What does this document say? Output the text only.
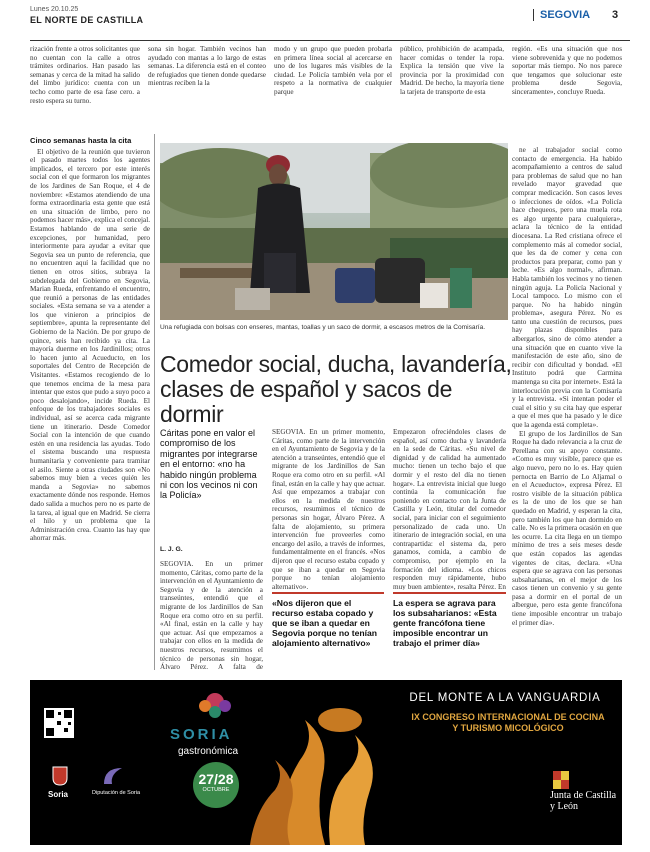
Lunes 20.10.25
EL NORTE DE CASTILLA	SEGOVIA 3
rización frente a otros solicitantes que no cuentan con la calle a otros trámites ordinarios. Han pasado las semanas y cerca de la mitad ha salido del limbo jurídico: cuenta con un techo como parte de esa fase cero. a resto espera su turno.
sona sin hogar. También vecinos han ayudado con mantas a lo largo de estas semanas. La diferencia está en el conteo de refugiados que tienen donde quedarse mientras reciben la la
modo y un grupo que pueden probarla en primera línea social al acercarse en uno de los lugares más visibles de la ciudad. Le Policía también vela por el respeto a la normativa de cualquier parque
público, prohibición de acampada, hacer comidas o tender la ropa. Explica la tensión que vive la provincia por la proximidad con Madrid. De hecho, la mayoría tiene la tarjeta de transporte de esta
región. «Es una situación que nos viene sobrevenida y que no podemos soportar más tiempo. No nos parece que tengamos que solucionar este problema desde Segovia, sinceramente», concluye Rueda.
Cinco semanas hasta la cita

El objetivo de la reunión que tuvieron el pasado martes todos los agentes implicados, el tercero por este interés social con el que formaron los migrantes de los Jardines de San Roque, el 4 de noviembre: «Estamos atendiendo de una forma extraordinaria esta gente que está en una situación de limbo, pero no podemos hacer más», explica el concejal. Estamos hablando de una serie de excepciones, por humanidad, pero interiormente para ayudar a evitar que Segovia sea un punto de referencia, que no encuentren aquí la facilidad que no tienen en otros sitios, subraya la subdelegada del Gobierno en Segovia, Marian Rueda, enfrentando el encuentro, que reunió a personas de las entidades sociales. «Esta semana se va a atender a los que vinieron a principios de septiembre», apunta la representante del Gobierno de la Nación. De por grupo de quince, seis han recibido ya cita. La mayoría duerme en los Jardinillos; otros lo hacen junto al Acueducto, en los soportales del Centro de Recepción de Visitantes. «Estamos recogiendo de lo que tenemos encima de la mesa para intentar que estos que pudo a suyo poco a poco desalojando», incide Rueda. El enfoque de los trabajadores sociales es individual, así se acerca cada migrante tiene un itinerario. Desde Comedor Social con la intención de que cuando estén en una residencia las ayudas. Todo el sistema buscando una respuesta humanitaria y conveniente para tramitar el asilo. Siente a otras ciudades son «No sabemos muy bien a veces quién les manda a Segovia» no sabemos exactamente dónde nos responde. Hemos dado salida a muchos pero no es parte de la tarea, al igual que en Madrid. Se cierra el hilo y un problema que la Administración crea. Cuanto las hay que ahorrar más.

Una refugiada con bolsas con enseres, mantas, toallas y un saco de dormir, a escasos metros de la Comisaría.
Comedor social, ducha, lavandería, clases de español y sacos de dormir
Cáritas pone en valor el compromiso de los migrantes por integrarse en el entorno: «no ha habido ningún problema ni con los vecinos ni con la Policía»
L. J. G.
SEGOVIA. En un primer momento, Cáritas, como parte de la intervención en el Ayuntamiento de Segovia y de la atención a transeúntes, entendió que el migrante de los Jardinillos de San Roque era como otro en su perfil. «Al final, están en la calle y hay que actuar. Así que empezamos a trabajar con ellos en la medida de nuestros recursos, resumimos el técnico de personas sin hogar, Álvaro Pérez. A falta de
SEGOVIA. En un primer momento, Cáritas, como parte de la intervención en el Ayuntamiento de Segovia y de la atención a transeúntes, entendió que el migrante de los Jardinillos de San Roque era como otro en su perfil. «Al final, están en la calle y hay que actuar. Así que empezamos a trabajar con ellos en la medida de nuestros recursos, resumimos el técnico de personas sin hogar, Álvaro Pérez. A falta de alojamiento, su primera intervención fue proveerles como encargo del asilo, a través de informes, fundamentalmente en el francés. «Nos dijeron que el recurso estaba copado y que se iban a quedar en Segovia porque no tenían alojamiento alternativo».
Empezaron ofreciéndoles clases de español, así como ducha y lavandería en la sede de Cáritas. «Su nivel de dignidad y de calidad ha aumentado mucho: tienen un techo bajo el que dormir y el resto del día no tienen hogar». La entrevista inicial que luego continúa la comunicación fue poniendo en contacto con la Junta de Castilla y León, titular del comedor social, para iniciar con el seguimiento personalizado de cada uno. Un itinerario de integración social, en una contrapartida: el sistema da, pero ganamos, comida, a cambio de compromiso, por ejemplo en la formación del idioma. «Los chicos responden muy rápidamente, hubo muy buen ambiente», resalta Pérez. En
«Nos dijeron que el recurso estaba copado y que se iban a quedar en Segovia porque no tenían alojamiento alternativo»
La espera se agrava para los subsaharianos: «Esta gente francófona tiene imposible encontrar un trabajo el primer día»

ne al trabajador social como contacto de emergencia. Ha habido acompañamiento a centros de salud para problemas de salud que no han revelado mayor gravedad que comprar medicación. Son casos leves o infecciones de oídos. «La Policía hace chequeos, pero una muela rota es algo urgente para cualquiera», aclara la técnico de la entidad diocesana. La Red cristiana ofrece el complemento más al comedor social, que les da de comer y cena con productos para preparar, como pan y leche. «Es algo normal», afirman. Habla también los vecinos y no tienen ningún aguja. La Policía Nacional y Local tampoco. Lo mismo con el parque. No ha habido ningún problema», asegura Pérez. No es tanto una cuestión de recursos, pues hay plazas disponibles para albergarlos, sino de cómo atender a una situación que en cuanto vive la manifestación de este año, sino de recibir con dificultad y bondad. «El Instituto podrá que Carmina mantenga su cita por internet». Está la interlocución previa con la Comisaría y la entrevista. «Si intentan poder el cual el sitio y su cita hay que esperar a que el mes que ha pasado y le dice que la agenda está completa».

El grupo de los Jardinillos de San Roque ha dado relevancia a la cruz de Perellana con su apoyo constante. «Como es muy visible, parece que es algo nuevo, pero no lo es. Hay quien pernocta en Barrio de Lo Aljamal o en el Acueducto», expresa Pérez. El rostro visible de la situación pública es la de uno de los que se han quedado en Madrid, y esperan la cita, pero también los que han dormido en calle. No es la primera ocasión en que les ocurre. La cita llega en un tiempo mínimo de tres a seis meses desde que están copados las agendas vigentes de citas, declara. «Una espera que se agrava con las personas subsaharianas, en el mejor de los casos tienen un convenio y su gente pasa a dormir en el portal de un albergue, pero esta gente francófona tiene imposible encontrar un trabajo el primer día».

SORIA
gastronómica
27/28
OCTUBRE
DEL MONTE A LA VANGUARDIA
IX CONGRESO INTERNACIONAL DE COCINA Y TURISMO MICOLÓGICO
Soria	Diputación de Soria	Junta de Castilla y León
